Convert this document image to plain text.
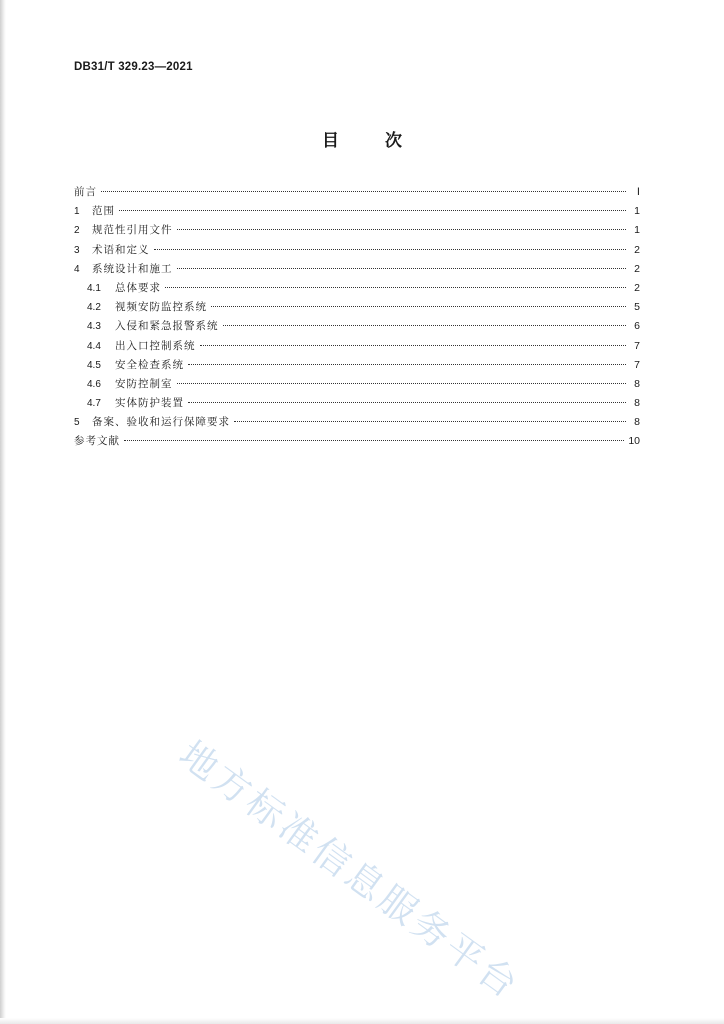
DB31/T 329.23—2021
目次
前言	Ⅰ
1	范围	1
2	规范性引用文件	1
3	术语和定义	2
4	系统设计和施工	2
4.1	总体要求	2
4.2	视频安防监控系统	5
4.3	入侵和紧急报警系统	6
4.4	出入口控制系统	7
4.5	安全检查系统	7
4.6	安防控制室	8
4.7	实体防护装置	8
5	备案、验收和运行保障要求	8
参考文献	10
地方标准信息服务平台
